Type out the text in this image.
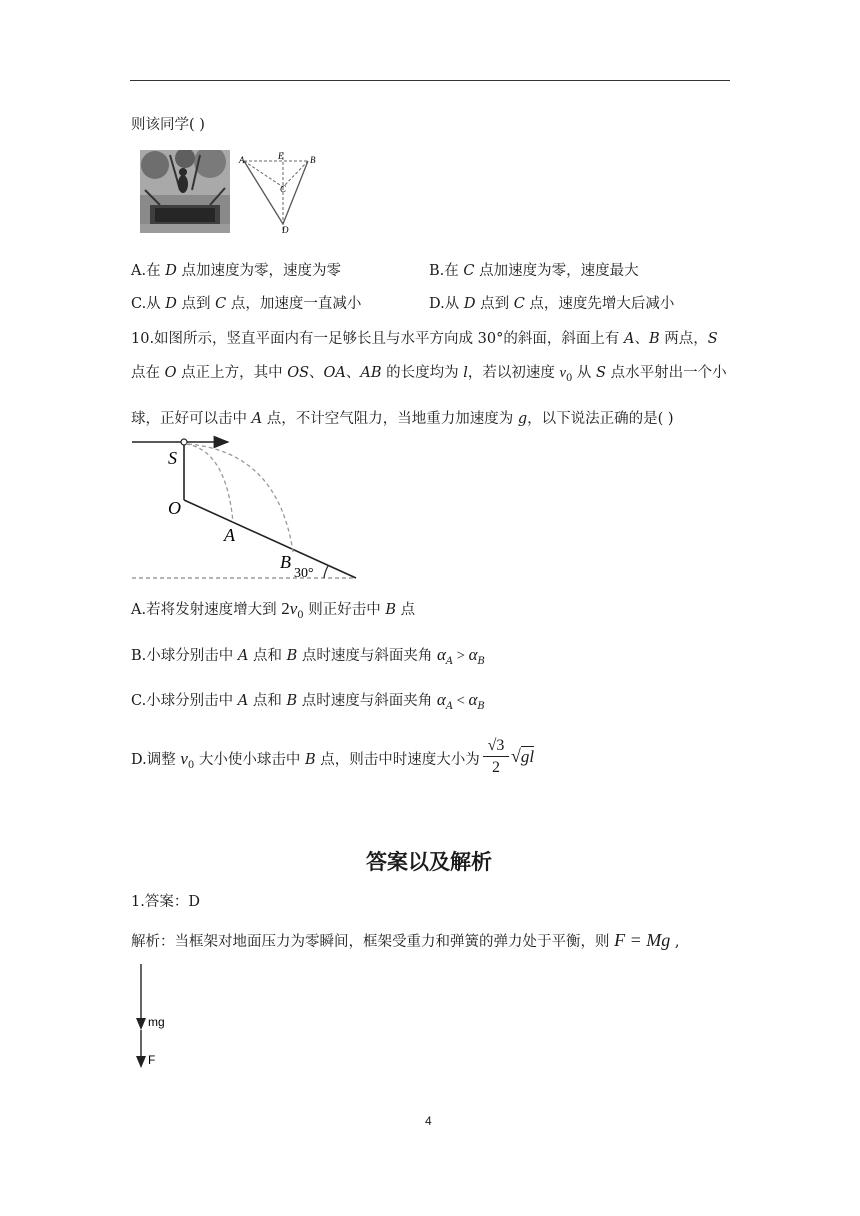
则该同学( )
A	B
E
C
D
A.在 D 点加速度为零，速度为零	B.在 C 点加速度为零，速度最大
C.从 D 点到 C 点，加速度一直减小	D.从 D 点到 C 点，速度先增大后减小
10.如图所示，竖直平面内有一足够长且与水平方向成 30°的斜面，斜面上有 A、B 两点，S
点在 O 点正上方，其中 OS、OA、AB 的长度均为 l，若以初速度 $v_0$ 从 S 点水平射出一个小
球，正好可以击中 A 点，不计空气阻力，当地重力加速度为 g，以下说法正确的是( )
S
O
A
B
30°
A.若将发射速度增大到 $2v_0$ 则正好击中 B 点
B.小球分别击中 A 点和 B 点时速度与斜面夹角 $\alpha_A > \alpha_B$
C.小球分别击中 A 点和 B 点时速度与斜面夹角 $\alpha_A < \alpha_B$
D.调整 $v_0$ 大小使小球击中 B 点，则击中时速度大小为
√3
2
√gl
答案以及解析
1.答案：D
解析：当框架对地面压力为零瞬间，框架受重力和弹簧的弹力处于平衡，则 F = Mg ,
mg
F
4
